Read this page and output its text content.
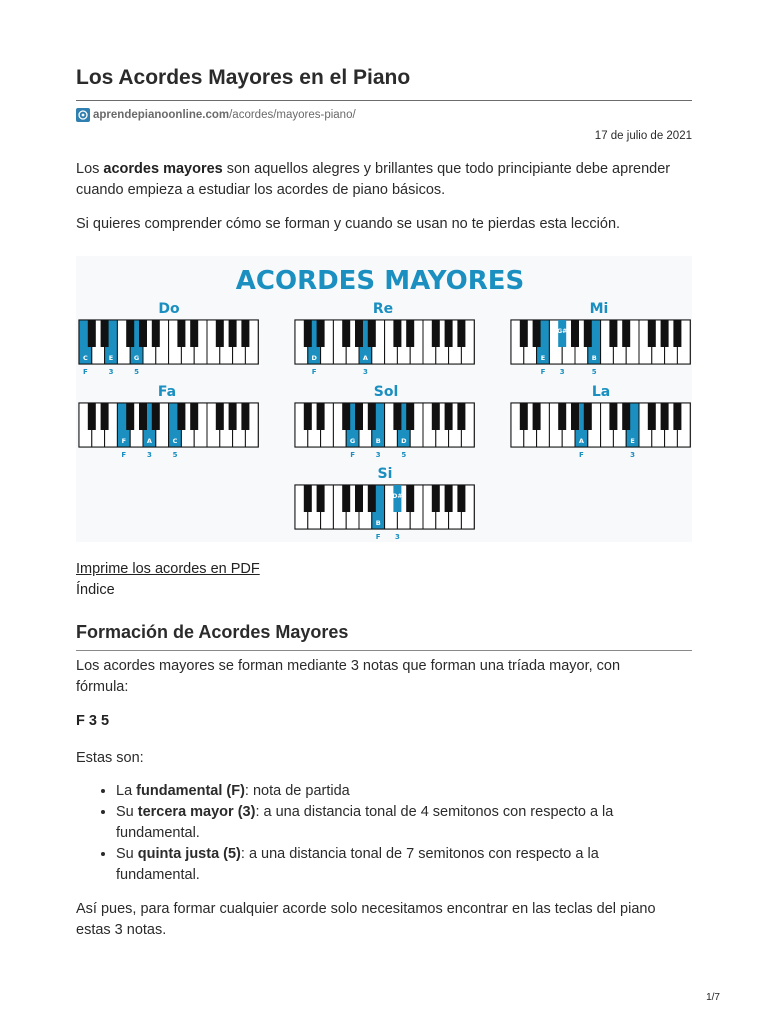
Los Acordes Mayores en el Piano
aprendepianoonline.com /acordes/mayores-piano/
17 de julio de 2021

Los acordes mayores son aquellos alegres y brillantes que todo principiante debe aprender cuando empieza a estudiar los acordes de piano básicos.

Si quieres comprender cómo se forman y cuando se usan no te pierdas esta lección.

ACORDES MAYORES
Do
C	E	G
F	3	5
Re
D	A
F	3
Mi
E	B
G#
F 3	5
Fa
F	A	C
F	3	5
Sol
G	B	D
F	3	5
La
A	E
F	3
Si
B
D#
F 3
Imprime los acordes en PDF
Índice
Formación de Acordes Mayores

Los acordes mayores se forman mediante 3 notas que forman una tríada mayor, con fórmula:

F 3 5

Estas son:

• La fundamental (F): nota de partida
• Su tercera mayor (3): a una distancia tonal de 4 semitonos con respecto a la fundamental.
• Su quinta justa (5): a una distancia tonal de 7 semitonos con respecto a la fundamental.

Así pues, para formar cualquier acorde solo necesitamos encontrar en las teclas del piano estas 3 notas.

1/7
